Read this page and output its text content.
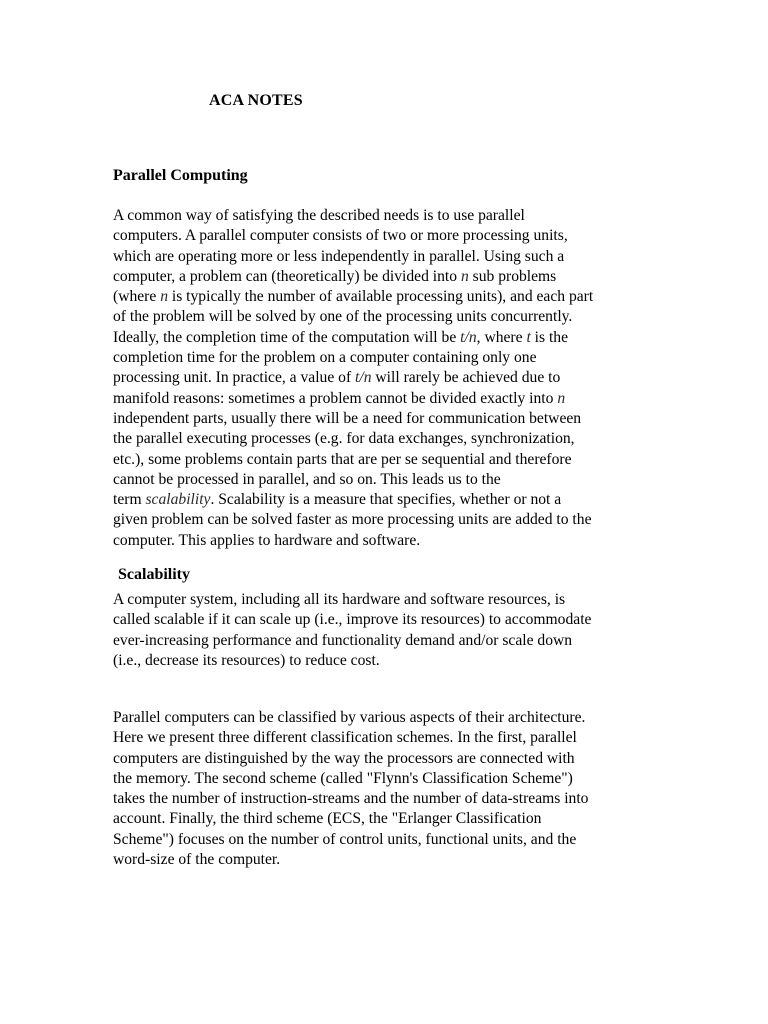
ACA NOTES
Parallel Computing

A common way of satisfying the described needs is to use parallel
computers. A parallel computer consists of two or more processing units,
which are operating more or less independently in parallel. Using such a
computer, a problem can (theoretically) be divided into n sub problems
(where n is typically the number of available processing units), and each part
of the problem will be solved by one of the processing units concurrently.
Ideally, the completion time of the computation will be t/n, where t is the
completion time for the problem on a computer containing only one
processing unit. In practice, a value of t/n will rarely be achieved due to
manifold reasons: sometimes a problem cannot be divided exactly into n
independent parts, usually there will be a need for communication between
the parallel executing processes (e.g. for data exchanges, synchronization,
etc.), some problems contain parts that are per se sequential and therefore
cannot be processed in parallel, and so on. This leads us to the
term scalability. Scalability is a measure that specifies, whether or not a
given problem can be solved faster as more processing units are added to the
computer. This applies to hardware and software.

Scalability

A computer system, including all its hardware and software resources, is
called scalable if it can scale up (i.e., improve its resources) to accommodate
ever-increasing performance and functionality demand and/or scale down
(i.e., decrease its resources) to reduce cost.

Parallel computers can be classified by various aspects of their architecture.
Here we present three different classification schemes. In the first, parallel
computers are distinguished by the way the processors are connected with
the memory. The second scheme (called "Flynn's Classification Scheme")
takes the number of instruction-streams and the number of data-streams into
account. Finally, the third scheme (ECS, the "Erlanger Classification
Scheme") focuses on the number of control units, functional units, and the
word-size of the computer.
